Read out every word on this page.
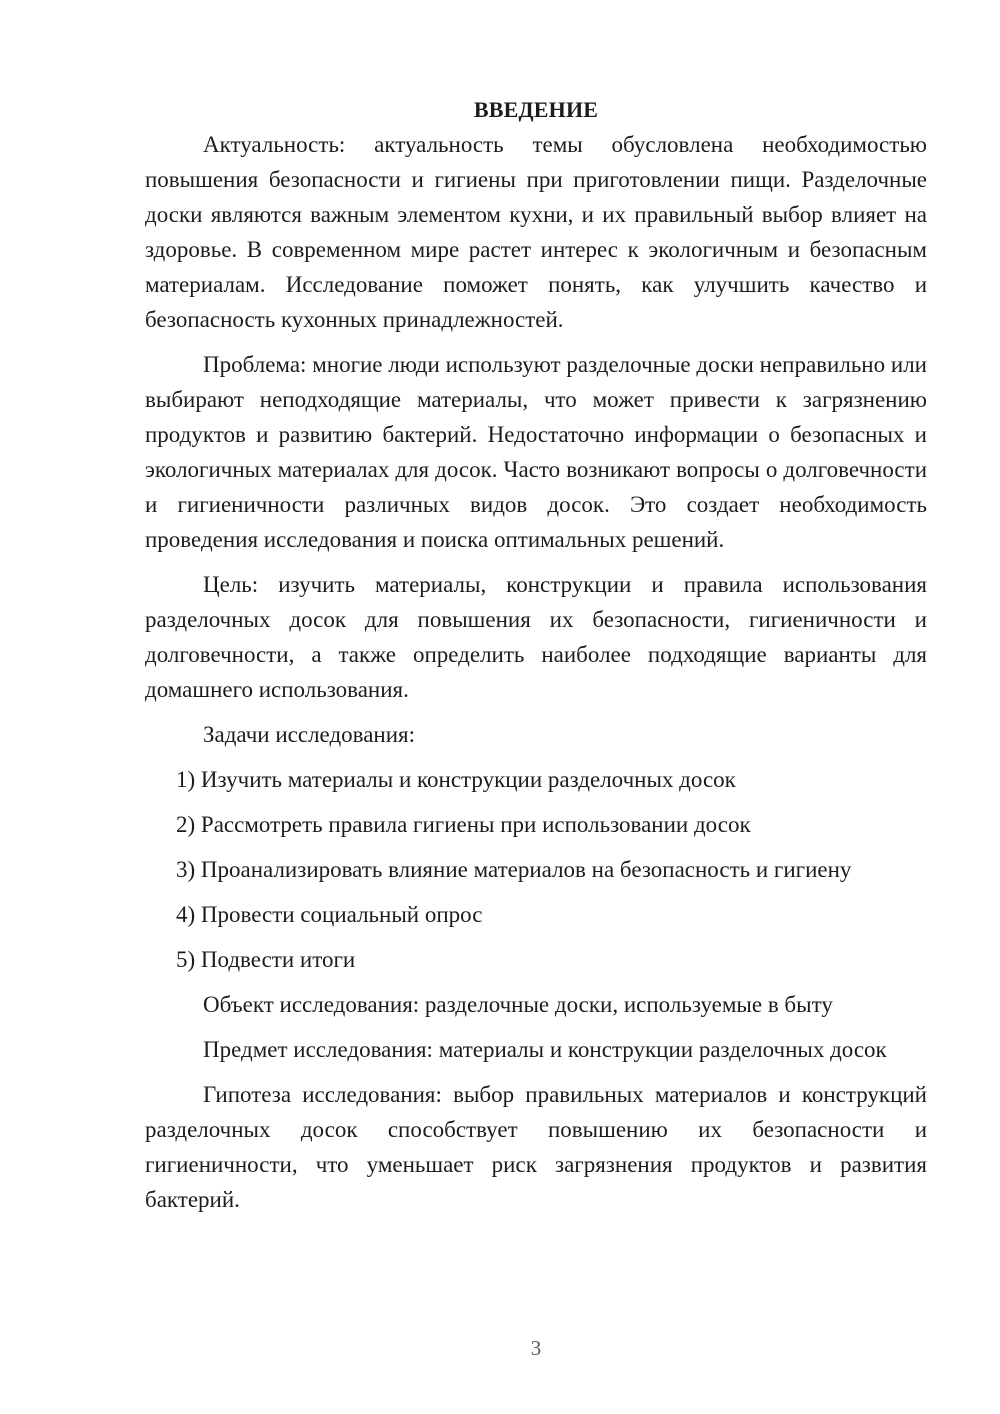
ВВЕДЕНИЕ

Актуальность: актуальность темы обусловлена необходимостью повышения безопасности и гигиены при приготовлении пищи. Разделочные доски являются важным элементом кухни, и их правильный выбор влияет на здоровье. В современном мире растет интерес к экологичным и безопасным материалам. Исследование поможет понять, как улучшить качество и безопасность кухонных принадлежностей.

Проблема: многие люди используют разделочные доски неправильно или выбирают неподходящие материалы, что может привести к загрязнению продуктов и развитию бактерий. Недостаточно информации о безопасных и экологичных материалах для досок. Часто возникают вопросы о долговечности и гигиеничности различных видов досок. Это создает необходимость проведения исследования и поиска оптимальных решений.

Цель: изучить материалы, конструкции и правила использования разделочных досок для повышения их безопасности, гигиеничности и долговечности, а также определить наиболее подходящие варианты для домашнего использования.

Задачи исследования:

1) Изучить материалы и конструкции разделочных досок
2) Рассмотреть правила гигиены при использовании досок
3) Проанализировать влияние материалов на безопасность и гигиену
4) Провести социальный опрос
5) Подвести итоги

Объект исследования: разделочные доски, используемые в быту

Предмет исследования: материалы и конструкции разделочных досок

Гипотеза исследования: выбор правильных материалов и конструкций разделочных досок способствует повышению их безопасности и гигиеничности, что уменьшает риск загрязнения продуктов и развития бактерий.

3
